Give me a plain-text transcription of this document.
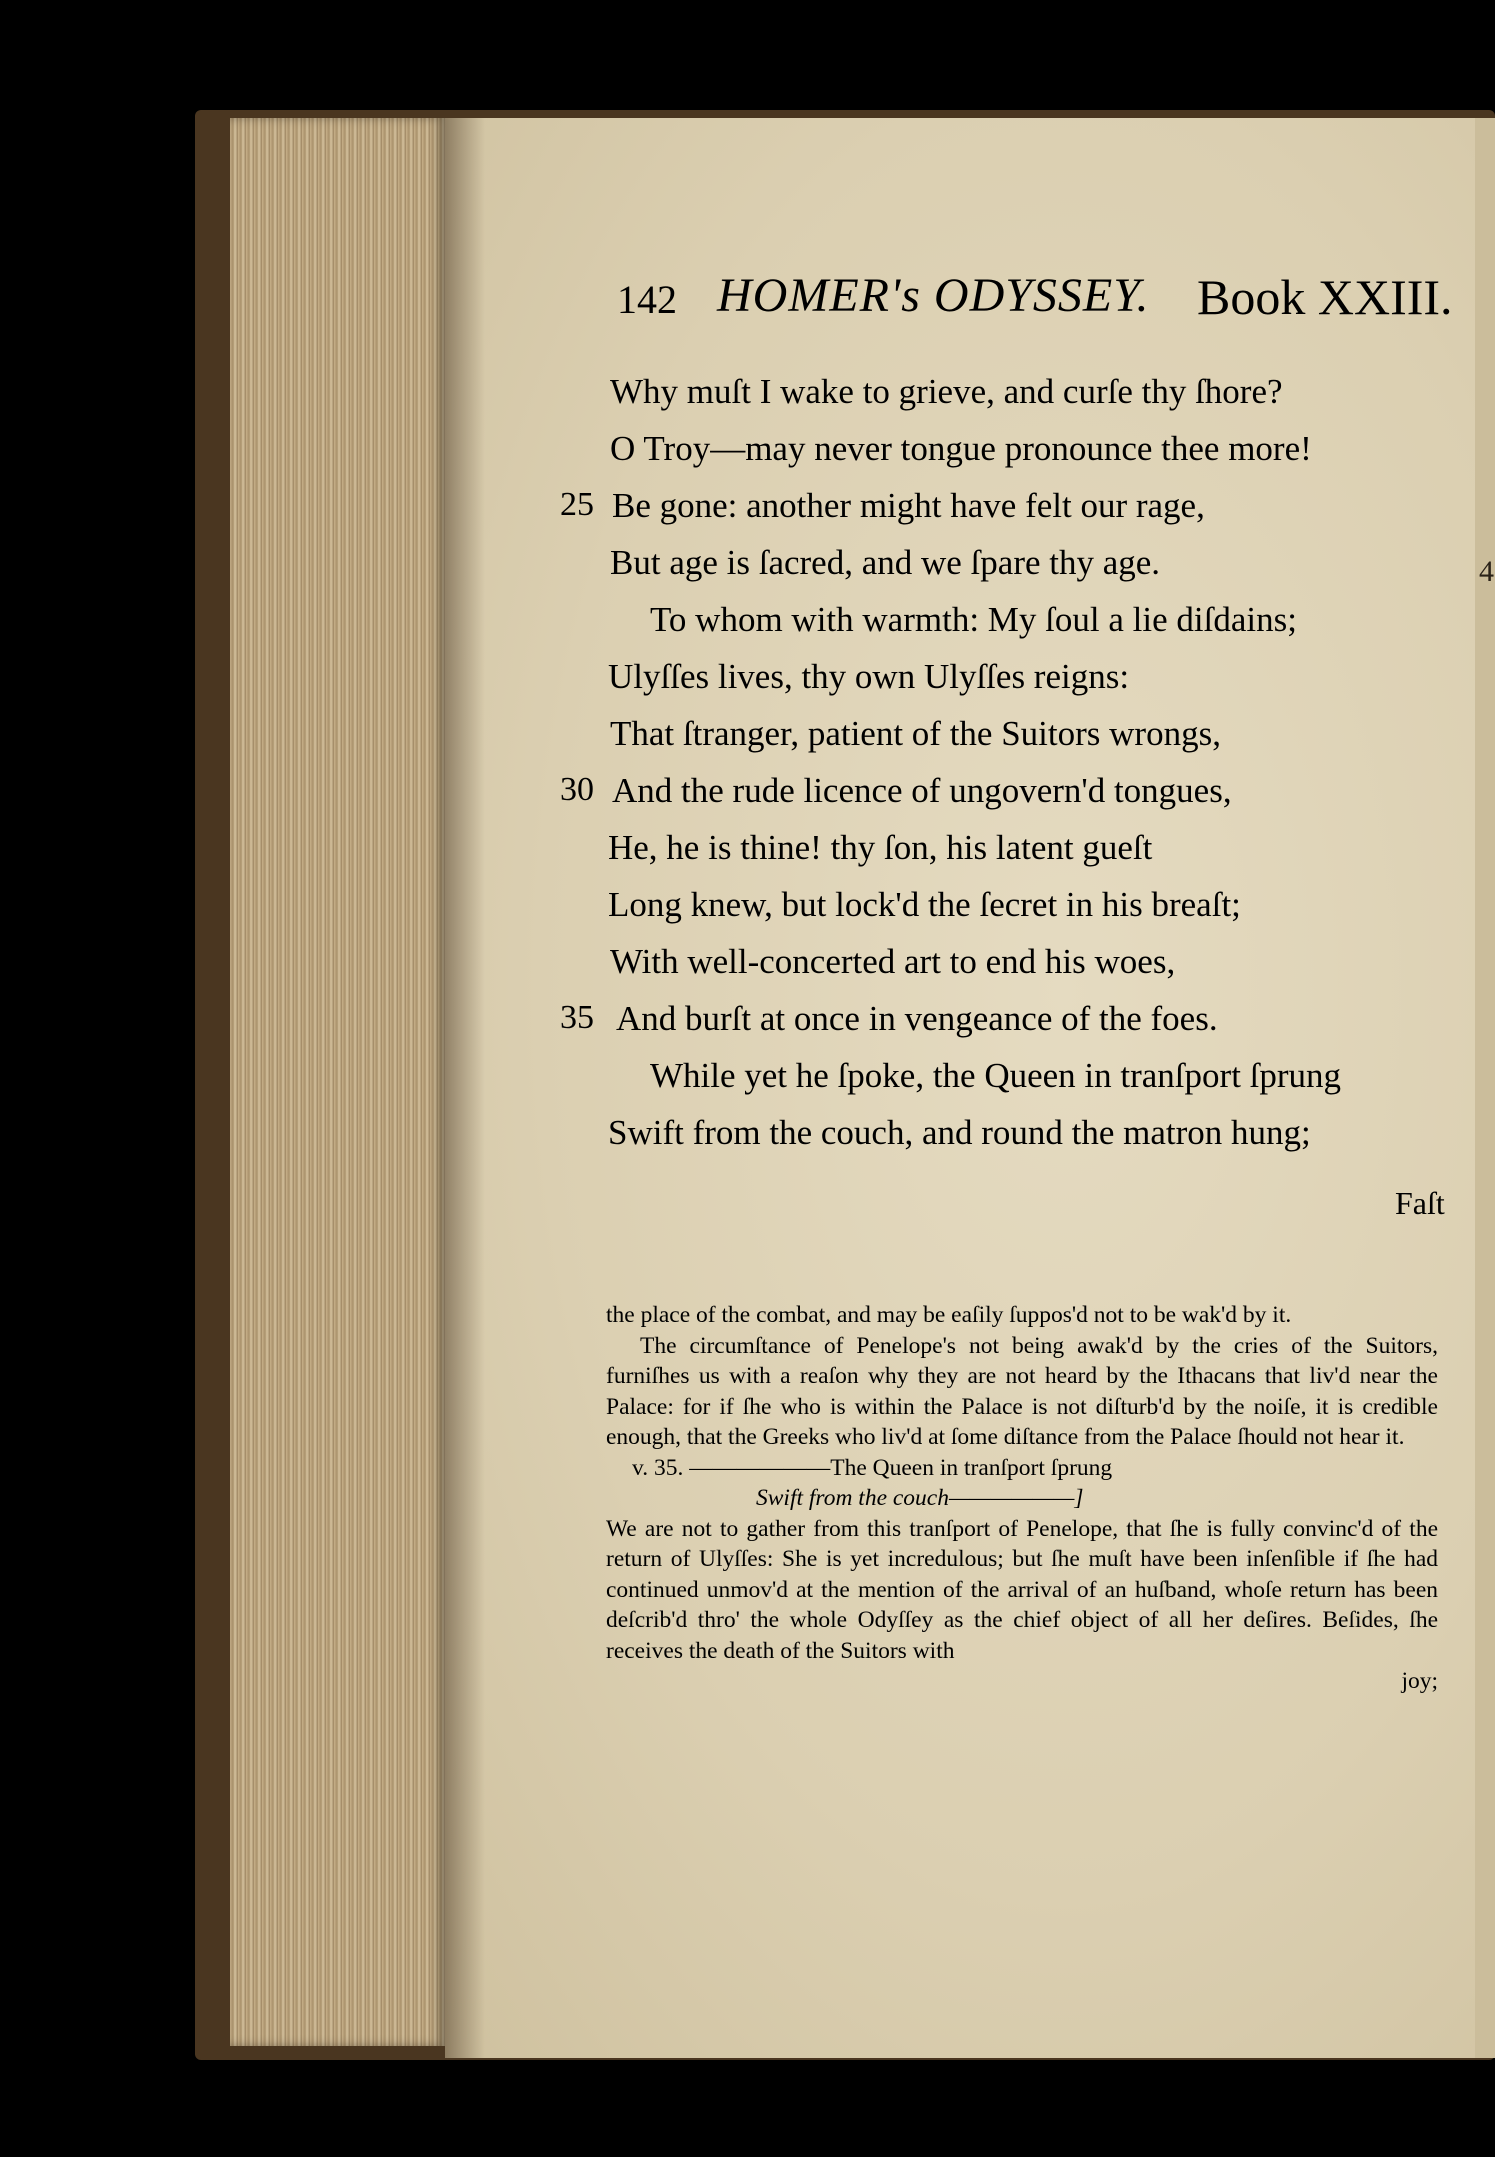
4
142 HOMER's ODYSSEY. Book XXIII.
Why muſt I wake to grieve, and curſe thy ſhore?
O Troy—may never tongue pronounce thee more!
25 Be gone: another might have felt our rage,
But age is ſacred, and we ſpare thy age.
To whom with warmth: My ſoul a lie diſdains;
Ulyſſes lives, thy own Ulyſſes reigns:
That ſtranger, patient of the Suitors wrongs,
30 And the rude licence of ungovern'd tongues,
He, he is thine! thy ſon, his latent gueſt
Long knew, but lock'd the ſecret in his breaſt;
With well-concerted art to end his woes,
35 And burſt at once in vengeance of the foes.
While yet he ſpoke, the Queen in tranſport ſprung
Swift from the couch, and round the matron hung;
Faſt

the place of the combat, and may be eaſily ſuppos'd not to be wak'd by it.

The circumſtance of Penelope's not being awak'd by the cries of the Suitors, furniſhes us with a reaſon why they are not heard by the Ithacans that liv'd near the Palace: for if ſhe who is within the Palace is not diſturb'd by the noiſe, it is credible enough, that the Greeks who liv'd at ſome diſtance from the Palace ſhould not hear it.

v. 35. ——————The Queen in tranſport ſprung

Swift from the couch——————]

We are not to gather from this tranſport of Penelope, that ſhe is fully convinc'd of the return of Ulyſſes: She is yet incredulous; but ſhe muſt have been inſenſible if ſhe had continued unmov'd at the mention of the arrival of an huſband, whoſe return has been deſcrib'd thro' the whole Odyſſey as the chief object of all her deſires. Beſides, ſhe receives the death of the Suitors with

joy;
